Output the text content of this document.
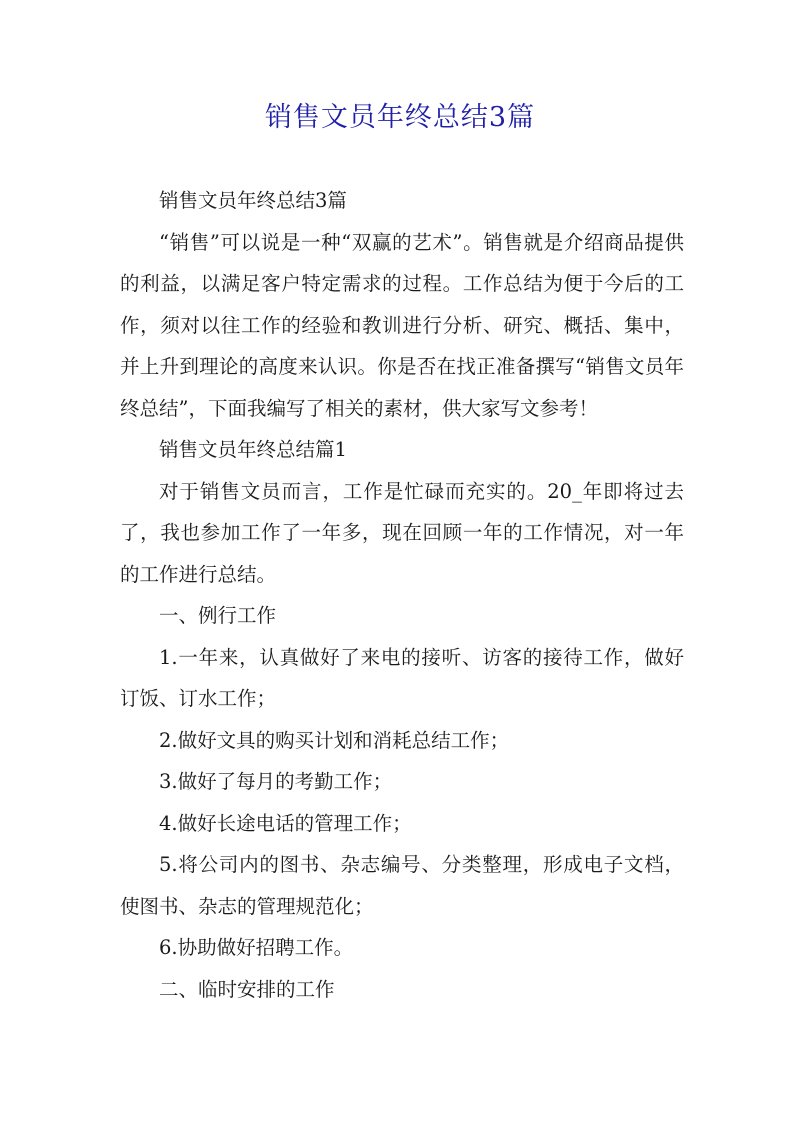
销售文员年终总结3篇

销售文员年终总结3篇

“销售”可以说是一种“双赢的艺术”。销售就是介绍商品提供的利益，以满足客户特定需求的过程。工作总结为便于今后的工作，须对以往工作的经验和教训进行分析、研究、概括、集中，并上升到理论的高度来认识。你是否在找正准备撰写“销售文员年终总结”，下面我编写了相关的素材，供大家写文参考！

销售文员年终总结篇1

对于销售文员而言，工作是忙碌而充实的。20_年即将过去了，我也参加工作了一年多，现在回顾一年的工作情况，对一年的工作进行总结。

一、例行工作

1.一年来，认真做好了来电的接听、访客的接待工作，做好订饭、订水工作；

2.做好文具的购买计划和消耗总结工作；

3.做好了每月的考勤工作；

4.做好长途电话的管理工作；

5.将公司内的图书、杂志编号、分类整理，形成电子文档，使图书、杂志的管理规范化；

6.协助做好招聘工作。

二、临时安排的工作
